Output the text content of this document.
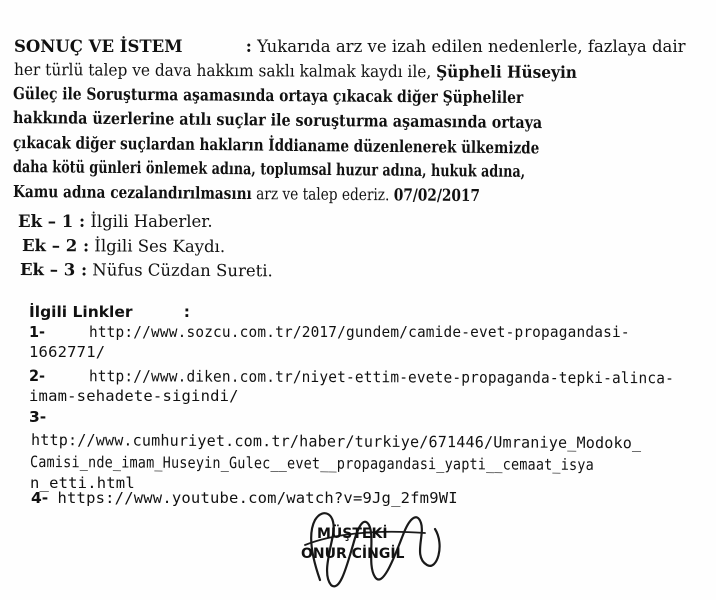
SONUÇ VE İSTEM	: Yukarıda arz ve izah edilen nedenlerle, fazlaya dair
her türlü talep ve dava hakkım saklı kalmak kaydı ile, Şüpheli Hüseyin
Güleç ile Soruşturma aşamasında ortaya çıkacak diğer Şüpheliler
hakkında üzerlerine atılı suçlar ile soruşturma aşamasında ortaya
çıkacak diğer suçlardan hakların İddianame düzenlenerek ülkemizde
daha kötü günleri önlemek adına, toplumsal huzur adına, hukuk adına,
Kamu adına cezalandırılmasını arz ve talep ederiz. 07/02/2017
Ek – 1 : İlgili Haberler.
Ek – 2 : İlgili Ses Kaydı.
Ek – 3 : Nüfus Cüzdan Sureti.
İlgili Linkler	:
1-	http://www.sozcu.com.tr/2017/gundem/camide-evet-propagandasi-
1662771/
2-	http://www.diken.com.tr/niyet-ettim-evete-propaganda-tepki-alinca-
imam-sehadete-sigindi/
3-
http://www.cumhuriyet.com.tr/haber/turkiye/671446/Umraniye_Modoko_
Camisi_nde_imam_Huseyin_Gulec__evet__propagandasi_yapti__cemaat_isya
n_etti.html
4- https://www.youtube.com/watch?v=9Jg_2fm9WI
MÜŞTEKİ
ONUR CİNGİL
